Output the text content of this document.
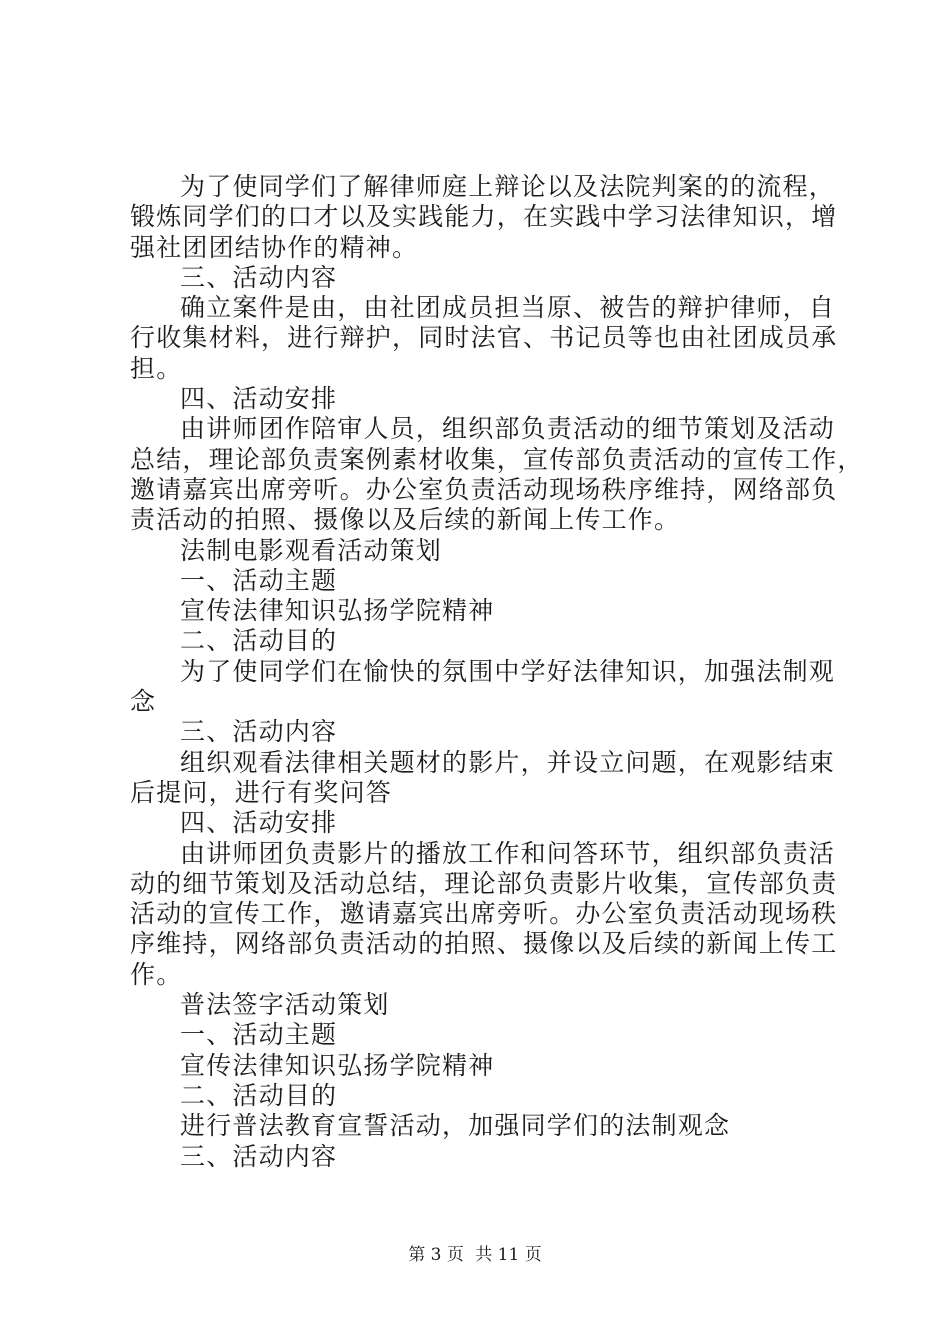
为了使同学们了解律师庭上辩论以及法院判案的的流程，
锻炼同学们的口才以及实践能力，在实践中学习法律知识，增
强社团团结协作的精神。
三、活动内容
确立案件是由，由社团成员担当原、被告的辩护律师，自
行收集材料，进行辩护，同时法官、书记员等也由社团成员承
担。
四、活动安排
由讲师团作陪审人员，组织部负责活动的细节策划及活动
总结，理论部负责案例素材收集，宣传部负责活动的宣传工作，
邀请嘉宾出席旁听。办公室负责活动现场秩序维持，网络部负
责活动的拍照、摄像以及后续的新闻上传工作。
法制电影观看活动策划
一、活动主题
宣传法律知识弘扬学院精神
二、活动目的
为了使同学们在愉快的氛围中学好法律知识，加强法制观
念
三、活动内容
组织观看法律相关题材的影片，并设立问题，在观影结束
后提问，进行有奖问答
四、活动安排
由讲师团负责影片的播放工作和问答环节，组织部负责活
动的细节策划及活动总结，理论部负责影片收集，宣传部负责
活动的宣传工作，邀请嘉宾出席旁听。办公室负责活动现场秩
序维持，网络部负责活动的拍照、摄像以及后续的新闻上传工
作。
普法签字活动策划
一、活动主题
宣传法律知识弘扬学院精神
二、活动目的
进行普法教育宣誓活动，加强同学们的法制观念
三、活动内容
第 3 页 共 11 页
